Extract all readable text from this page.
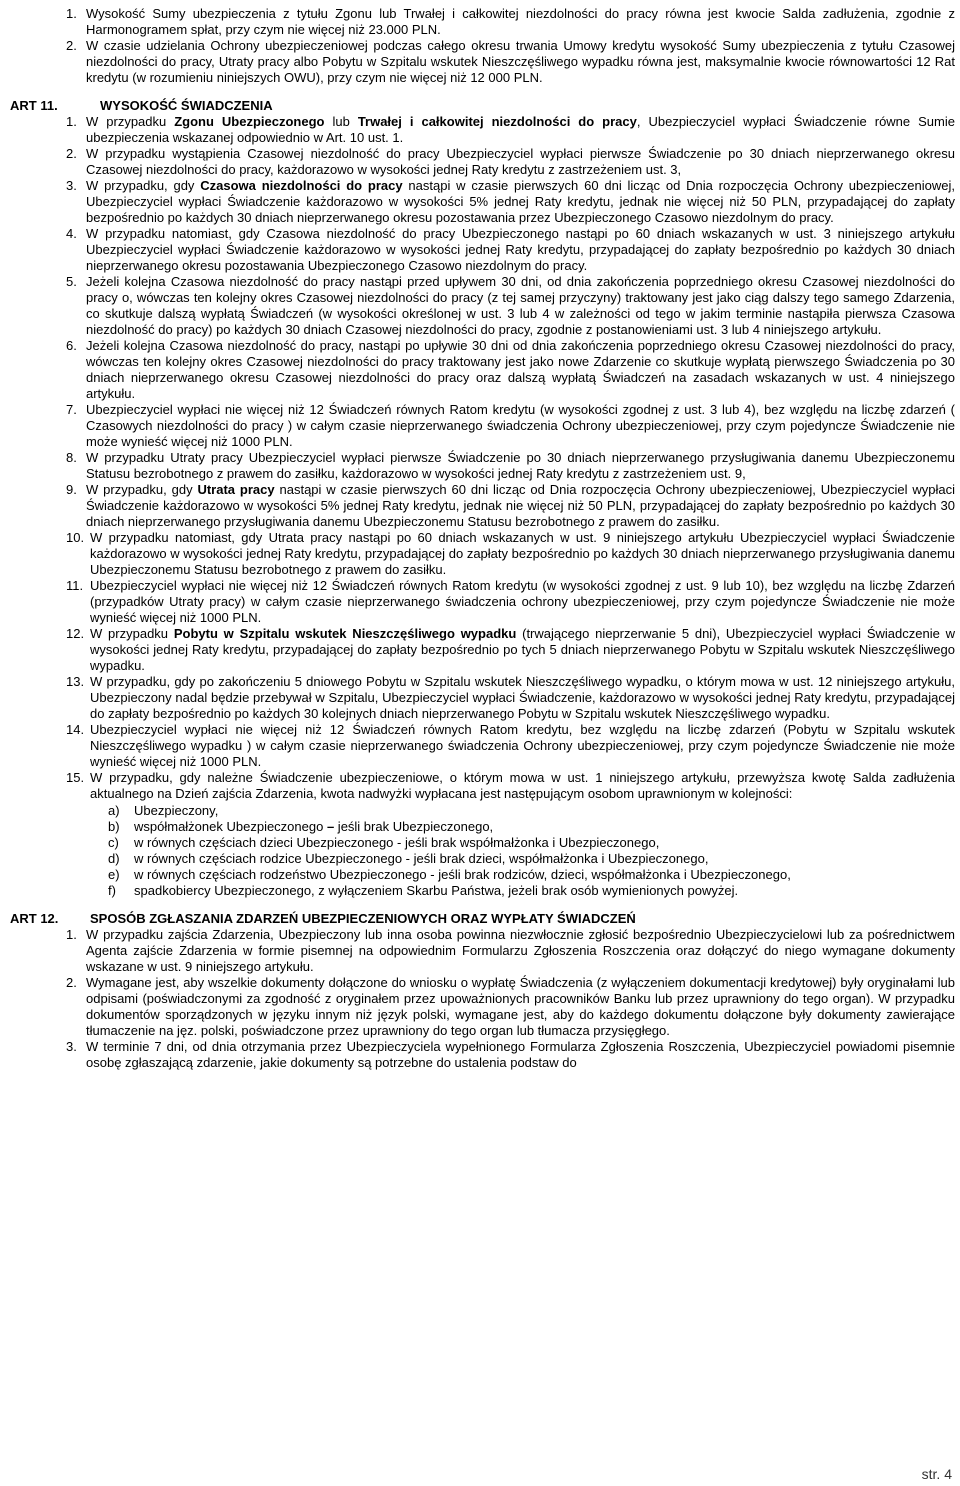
1. Wysokość Sumy ubezpieczenia z tytułu Zgonu lub Trwałej i całkowitej niezdolności do pracy równa jest kwocie Salda zadłużenia, zgodnie z Harmonogramem spłat, przy czym nie więcej niż 23.000 PLN.
2. W czasie udzielania Ochrony ubezpieczeniowej podczas całego okresu trwania Umowy kredytu wysokość Sumy ubezpieczenia z tytułu Czasowej niezdolności do pracy, Utraty pracy albo Pobytu w Szpitalu wskutek Nieszczęśliwego wypadku równa jest, maksymalnie kwocie równowartości 12 Rat kredytu (w rozumieniu niniejszych OWU), przy czym nie więcej niż 12 000 PLN.
ART 11.	WYSOKOŚĆ ŚWIADCZENIA
1. W przypadku Zgonu Ubezpieczonego lub Trwałej i całkowitej niezdolności do pracy, Ubezpieczyciel wypłaci Świadczenie równe Sumie ubezpieczenia wskazanej odpowiednio w Art. 10 ust. 1.
2. W przypadku wystąpienia Czasowej niezdolność do pracy Ubezpieczyciel wypłaci pierwsze Świadczenie po 30 dniach nieprzerwanego okresu Czasowej niezdolności do pracy, każdorazowo w wysokości jednej Raty kredytu z zastrzeżeniem ust. 3,
3. W przypadku, gdy Czasowa niezdolności do pracy nastąpi w czasie pierwszych 60 dni licząc od Dnia rozpoczęcia Ochrony ubezpieczeniowej, Ubezpieczyciel wypłaci Świadczenie każdorazowo w wysokości 5% jednej Raty kredytu, jednak nie więcej niż 50 PLN, przypadającej do zapłaty bezpośrednio po każdych 30 dniach nieprzerwanego okresu pozostawania przez Ubezpieczonego Czasowo niezdolnym do pracy.
4. W przypadku natomiast, gdy Czasowa niezdolność do pracy Ubezpieczonego nastąpi po 60 dniach wskazanych w ust. 3 niniejszego artykułu Ubezpieczyciel wypłaci Świadczenie każdorazowo w wysokości jednej Raty kredytu, przypadającej do zapłaty bezpośrednio po każdych 30 dniach nieprzerwanego okresu pozostawania Ubezpieczonego Czasowo niezdolnym do pracy.
5. Jeżeli kolejna Czasowa niezdolność do pracy nastąpi przed upływem 30 dni, od dnia zakończenia poprzedniego okresu Czasowej niezdolności do pracy o, wówczas ten kolejny okres Czasowej niezdolności do pracy (z tej samej przyczyny) traktowany jest jako ciąg dalszy tego samego Zdarzenia, co skutkuje dalszą wypłatą Świadczeń (w wysokości określonej w ust. 3 lub 4 w zależności od tego w jakim terminie nastąpiła pierwsza Czasowa niezdolność do pracy) po każdych 30 dniach Czasowej niezdolności do pracy, zgodnie z postanowieniami ust. 3 lub 4 niniejszego artykułu.
6. Jeżeli kolejna Czasowa niezdolność do pracy, nastąpi po upływie 30 dni od dnia zakończenia poprzedniego okresu Czasowej niezdolności do pracy, wówczas ten kolejny okres Czasowej niezdolności do pracy traktowany jest jako nowe Zdarzenie co skutkuje wypłatą pierwszego Świadczenia po 30 dniach nieprzerwanego okresu Czasowej niezdolności do pracy oraz dalszą wypłatą Świadczeń na zasadach wskazanych w ust. 4 niniejszego artykułu.
7. Ubezpieczyciel wypłaci nie więcej niż 12 Świadczeń równych Ratom kredytu (w wysokości zgodnej z ust. 3 lub 4), bez względu na liczbę zdarzeń ( Czasowych niezdolności do pracy ) w całym czasie nieprzerwanego świadczenia Ochrony ubezpieczeniowej, przy czym pojedyncze Świadczenie nie może wynieść więcej niż 1000 PLN.
8. W przypadku Utraty pracy Ubezpieczyciel wypłaci pierwsze Świadczenie po 30 dniach nieprzerwanego przysługiwania danemu Ubezpieczonemu Statusu bezrobotnego z prawem do zasiłku, każdorazowo w wysokości jednej Raty kredytu z zastrzeżeniem ust. 9,
9. W przypadku, gdy Utrata pracy nastąpi w czasie pierwszych 60 dni licząc od Dnia rozpoczęcia Ochrony ubezpieczeniowej, Ubezpieczyciel wypłaci Świadczenie każdorazowo w wysokości 5% jednej Raty kredytu, jednak nie więcej niż 50 PLN, przypadającej do zapłaty bezpośrednio po każdych 30 dniach nieprzerwanego przysługiwania danemu Ubezpieczonemu Statusu bezrobotnego z prawem do zasiłku.
10. W przypadku natomiast, gdy Utrata pracy nastąpi po 60 dniach wskazanych w ust. 9 niniejszego artykułu Ubezpieczyciel wypłaci Świadczenie każdorazowo w wysokości jednej Raty kredytu, przypadającej do zapłaty bezpośrednio po każdych 30 dniach nieprzerwanego przysługiwania danemu Ubezpieczonemu Statusu bezrobotnego z prawem do zasiłku.
11. Ubezpieczyciel wypłaci nie więcej niż 12 Świadczeń równych Ratom kredytu (w wysokości zgodnej z ust. 9 lub 10), bez względu na liczbę Zdarzeń (przypadków Utraty pracy) w całym czasie nieprzerwanego świadczenia ochrony ubezpieczeniowej, przy czym pojedyncze Świadczenie nie może wynieść więcej niż 1000 PLN.
12. W przypadku Pobytu w Szpitalu wskutek Nieszczęśliwego wypadku (trwającego nieprzerwanie 5 dni), Ubezpieczyciel wypłaci Świadczenie w wysokości jednej Raty kredytu, przypadającej do zapłaty bezpośrednio po tych 5 dniach nieprzerwanego Pobytu w Szpitalu wskutek Nieszczęśliwego wypadku.
13. W przypadku, gdy po zakończeniu 5 dniowego Pobytu w Szpitalu wskutek Nieszczęśliwego wypadku, o którym mowa w ust. 12 niniejszego artykułu, Ubezpieczony nadal będzie przebywał w Szpitalu, Ubezpieczyciel wypłaci Świadczenie, każdorazowo w wysokości jednej Raty kredytu, przypadającej do zapłaty bezpośrednio po każdych 30 kolejnych dniach nieprzerwanego Pobytu w Szpitalu wskutek Nieszczęśliwego wypadku.
14. Ubezpieczyciel wypłaci nie więcej niż 12 Świadczeń równych Ratom kredytu, bez względu na liczbę zdarzeń (Pobytu w Szpitalu wskutek Nieszczęśliwego wypadku ) w całym czasie nieprzerwanego świadczenia Ochrony ubezpieczeniowej, przy czym pojedyncze Świadczenie nie może wynieść więcej niż 1000 PLN.
15. W przypadku, gdy należne Świadczenie ubezpieczeniowe, o którym mowa w ust. 1 niniejszego artykułu, przewyższa kwotę Salda zadłużenia aktualnego na Dzień zajścia Zdarzenia, kwota nadwyżki wypłacana jest następującym osobom uprawnionym w kolejności:
a)	Ubezpieczony,
b)	współmałżonek Ubezpieczonego – jeśli brak Ubezpieczonego,
c)	w równych częściach dzieci Ubezpieczonego - jeśli brak współmałżonka i Ubezpieczonego,
d)	w równych częściach rodzice Ubezpieczonego - jeśli brak dzieci, współmałżonka i Ubezpieczonego,
e)	w równych częściach rodzeństwo Ubezpieczonego - jeśli brak rodziców, dzieci, współmałżonka i Ubezpieczonego,
f)	spadkobiercy Ubezpieczonego, z wyłączeniem Skarbu Państwa, jeżeli brak osób wymienionych powyżej.
ART 12.	SPOSÓB ZGŁASZANIA ZDARZEŃ UBEZPIECZENIOWYCH ORAZ WYPŁATY ŚWIADCZEŃ
1. W przypadku zajścia Zdarzenia, Ubezpieczony lub inna osoba powinna niezwłocznie zgłosić bezpośrednio Ubezpieczycielowi lub za pośrednictwem Agenta zajście Zdarzenia w formie pisemnej na odpowiednim Formularzu Zgłoszenia Roszczenia oraz dołączyć do niego wymagane dokumenty wskazane w ust. 9 niniejszego artykułu.
2. Wymagane jest, aby wszelkie dokumenty dołączone do wniosku o wypłatę Świadczenia (z wyłączeniem dokumentacji kredytowej) były oryginałami lub odpisami (poświadczonymi za zgodność z oryginałem przez upoważnionych pracowników Banku lub przez uprawniony do tego organ). W przypadku dokumentów sporządzonych w języku innym niż język polski, wymagane jest, aby do każdego dokumentu dołączone były dokumenty zawierające tłumaczenie na jęz. polski, poświadczone przez uprawniony do tego organ lub tłumacza przysięgłego.
3. W terminie 7 dni, od dnia otrzymania przez Ubezpieczyciela wypełnionego Formularza Zgłoszenia Roszczenia, Ubezpieczyciel powiadomi pisemnie osobę zgłaszającą zdarzenie, jakie dokumenty są potrzebne do ustalenia podstaw do
str. 4
